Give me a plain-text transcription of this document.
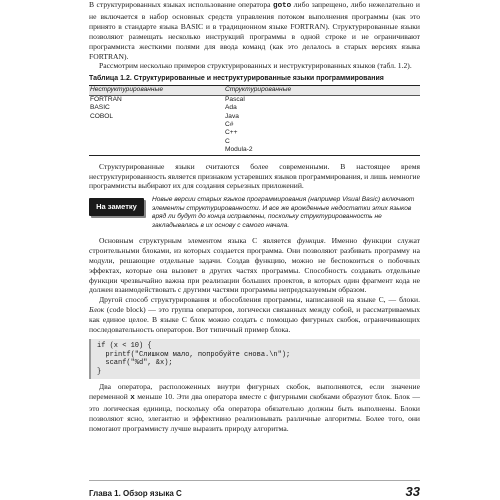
В структурированных языках использование оператора goto либо запрещено, либо нежелательно и не включается в набор основных средств управления потоком выполнения программы (как это принято в стандарте языка BASIC и в традиционном языке FORTRAN). Структурированные языки позволяют размещать несколько инструкций программы в одной строке и не ограничивают программиста жесткими полями для ввода команд (как это делалось в старых версиях языка FORTRAN).

Рассмотрим несколько примеров структурированных и неструктурированных языков (табл. 1.2).

Таблица 1.2. Структурированные и неструктурированные языки программирования
Неструктурированные	Структурированные
FORTRAN
BASIC
COBOL
Pascal
Ada
Java
C#
C++
C
Modula-2

Структурированные языки считаются более современными. В настоящее время неструктурированность является признаком устаревших языков программирования, и лишь немногие программисты выбирают их для создания серьезных приложений.

На заметку
Новые версии старых языков программирования (например Visual Basic) включают элементы структурированности. И все же врожденные недостатки этих языков вряд ли будут до конца исправлены, поскольку структурированность не закладывалась в их основу с самого начала.

Основным структурным элементом языка C является функция. Именно функции служат строительными блоками, из которых создается программа. Они позволяют разбивать программу на модули, решающие отдельные задачи. Создав функцию, можно не беспокоиться о побочных эффектах, которые она вызовет в других частях программы. Способность создавать отдельные функции чрезвычайно важна при реализации больших проектов, в которых один фрагмент кода не должен взаимодействовать с другими частями программы непредсказуемым образом.

Другой способ структурирования и обособления программы, написанной на языке C, — блоки. Блок (code block) — это группа операторов, логически связанных между собой, и рассматриваемых как единое целое. В языке C блок можно создать с помощью фигурных скобок, ограничивающих последовательность операторов. Вот типичный пример блока.

if (x < 10) {
printf("Слишком мало, попробуйте снова.\n");
scanf("%d", &x);
}

Два оператора, расположенных внутри фигурных скобок, выполняются, если значение переменной x меньше 10. Эти два оператора вместе с фигурными скобками образуют блок. Блок — это логическая единица, поскольку оба оператора обязательно должны быть выполнены. Блоки позволяют ясно, элегантно и эффективно реализовывать различные алгоритмы. Более того, они помогают программисту лучше выразить природу алгоритма.

Глава 1. Обзор языка C	33
